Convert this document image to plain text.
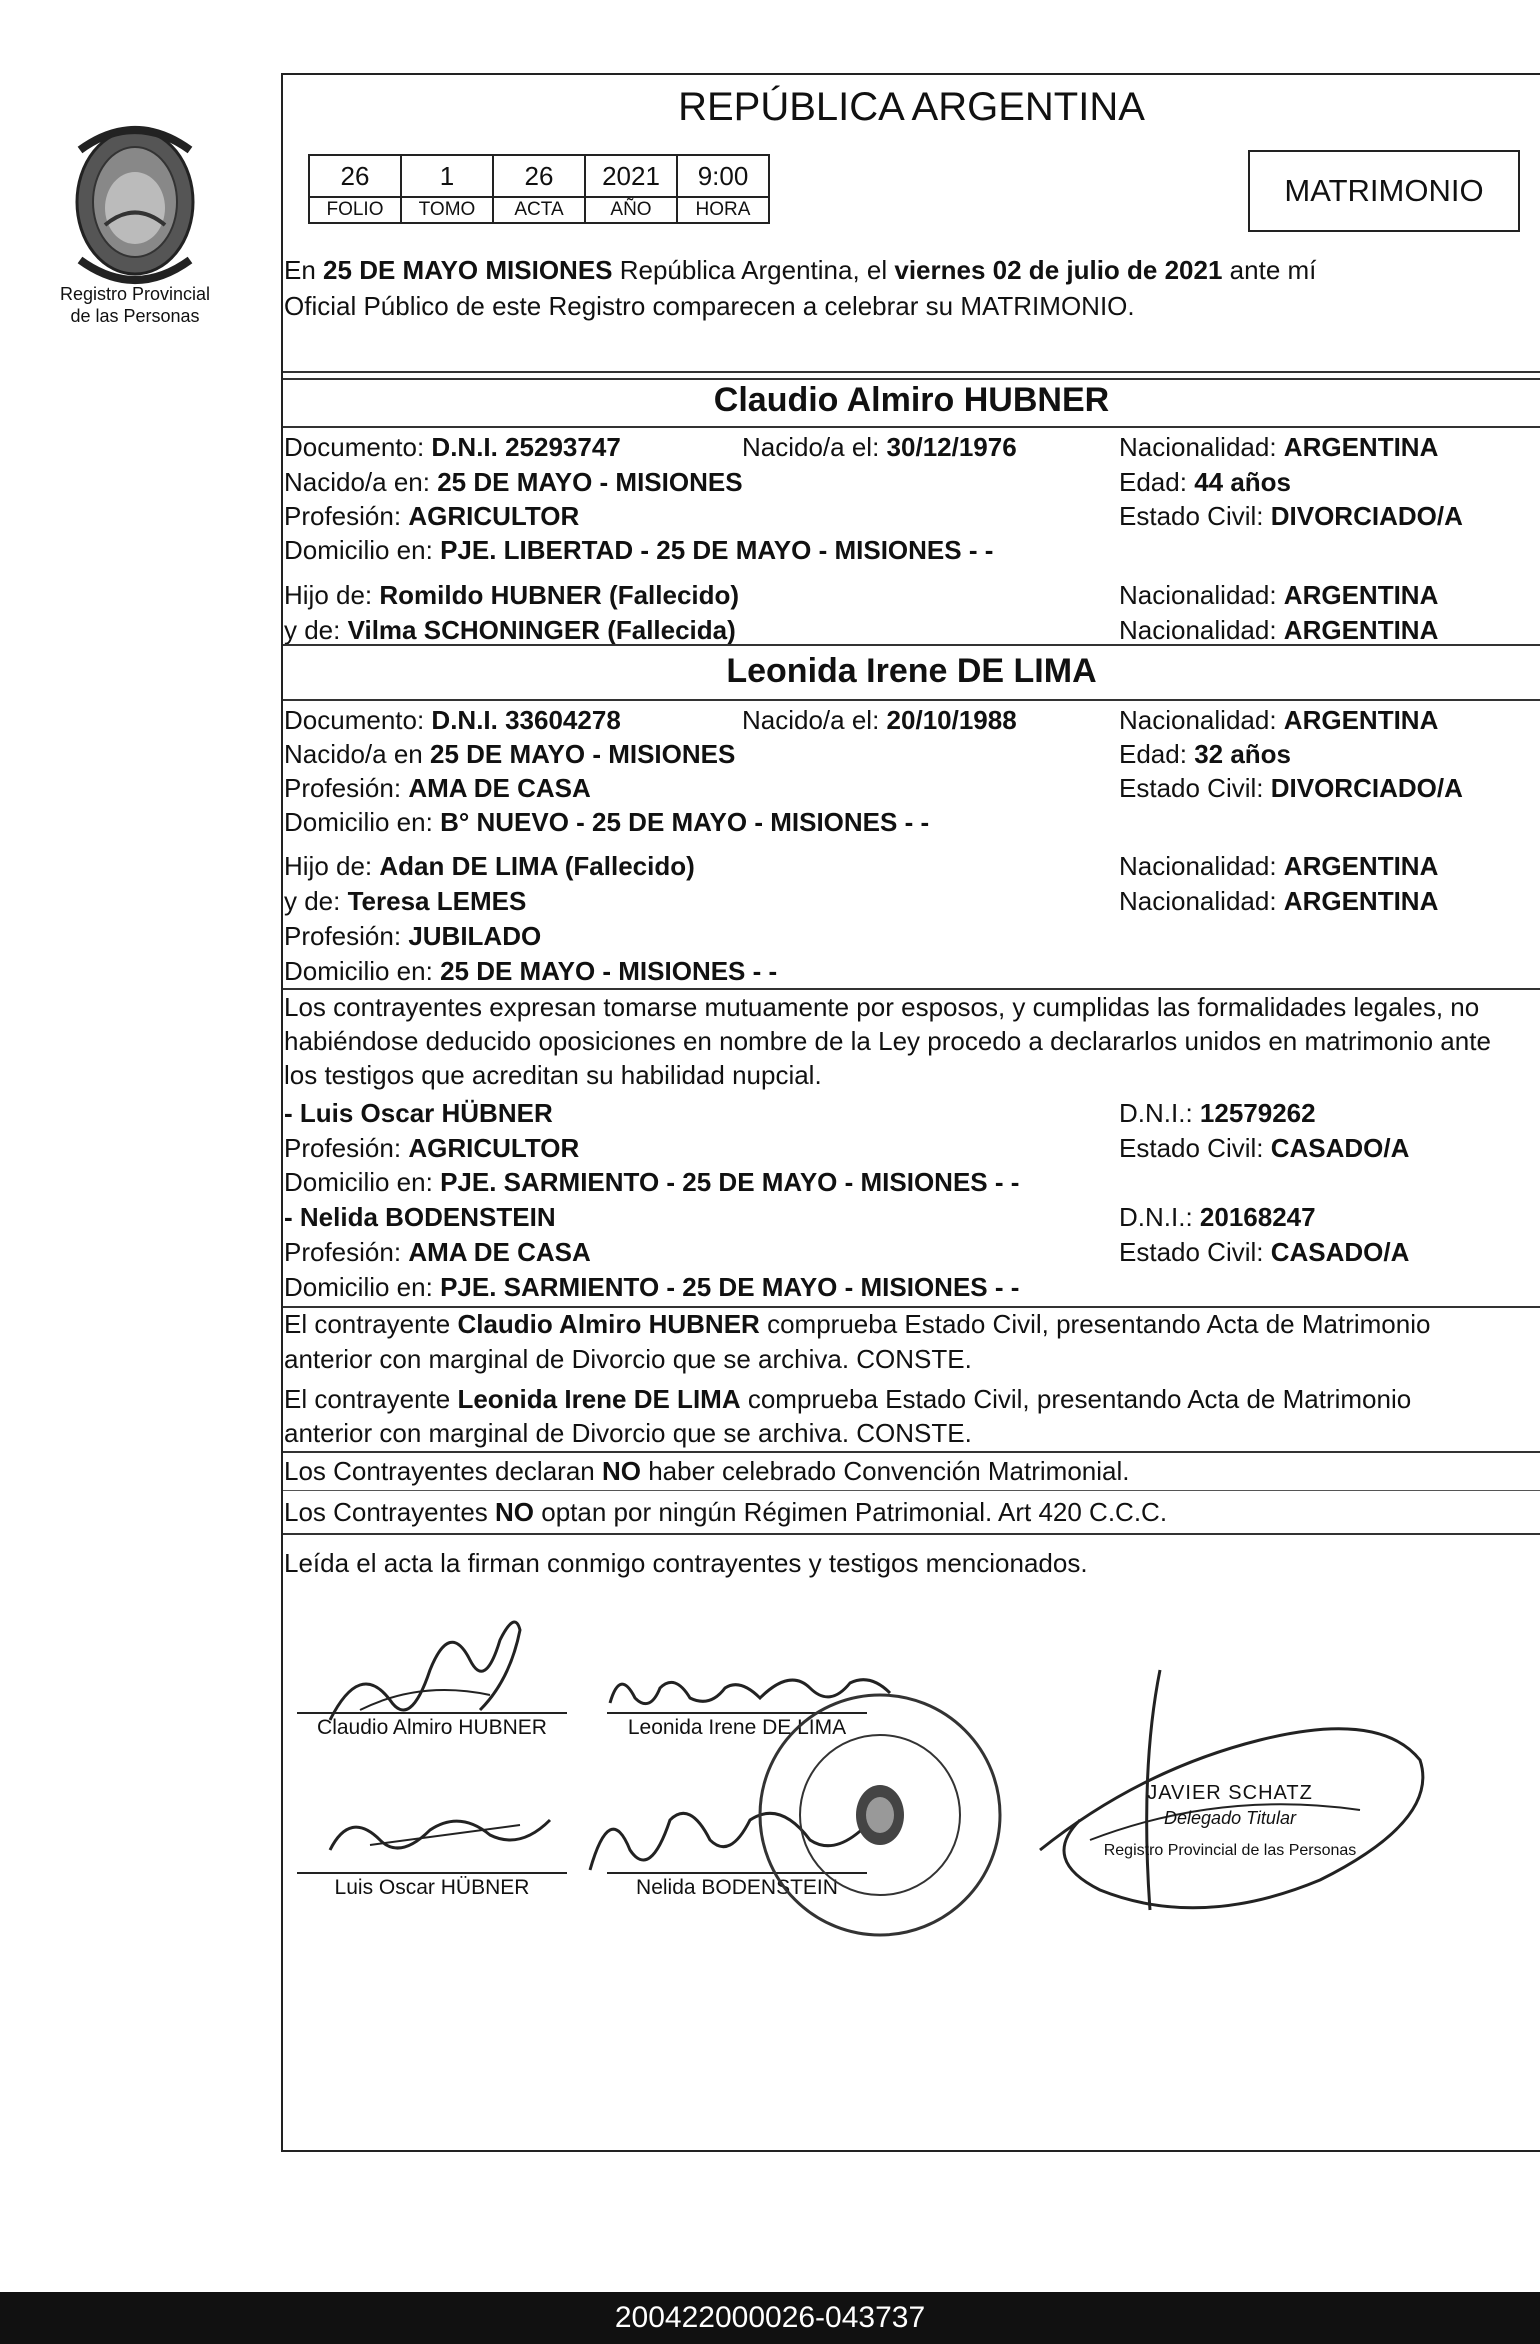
Registro Provincial
de las Personas
REPÚBLICA ARGENTINA
26	1	26	2021	9:00
FOLIO	TOMO	ACTA	AÑO	HORA
MATRIMONIO
En 25 DE MAYO MISIONES República Argentina, el viernes 02 de julio de 2021 ante mí
Oficial Público de este Registro comparecen a celebrar su MATRIMONIO.
Claudio Almiro HUBNER
Documento: D.N.I. 25293747	Nacido/a el: 30/12/1976	Nacionalidad: ARGENTINA
Nacido/a en: 25 DE MAYO - MISIONES	Edad: 44 años
Profesión: AGRICULTOR	Estado Civil: DIVORCIADO/A
Domicilio en: PJE. LIBERTAD - 25 DE MAYO - MISIONES - -
Hijo de: Romildo HUBNER (Fallecido)	Nacionalidad: ARGENTINA
y de: Vilma SCHONINGER (Fallecida)	Nacionalidad: ARGENTINA
Leonida Irene DE LIMA
Documento: D.N.I. 33604278	Nacido/a el: 20/10/1988	Nacionalidad: ARGENTINA
Nacido/a en 25 DE MAYO - MISIONES	Edad: 32 años
Profesión: AMA DE CASA	Estado Civil: DIVORCIADO/A
Domicilio en: B° NUEVO - 25 DE MAYO - MISIONES - -
Hijo de: Adan DE LIMA (Fallecido)	Nacionalidad: ARGENTINA
y de: Teresa LEMES	Nacionalidad: ARGENTINA
Profesión: JUBILADO
Domicilio en: 25 DE MAYO - MISIONES - -
Los contrayentes expresan tomarse mutuamente por esposos, y cumplidas las formalidades legales, no
habiéndose deducido oposiciones en nombre de la Ley procedo a declararlos unidos en matrimonio ante
los testigos que acreditan su habilidad nupcial.
- Luis Oscar HÜBNER	D.N.I.: 12579262
Profesión: AGRICULTOR	Estado Civil: CASADO/A
Domicilio en: PJE. SARMIENTO - 25 DE MAYO - MISIONES - -
- Nelida BODENSTEIN	D.N.I.: 20168247
Profesión: AMA DE CASA	Estado Civil: CASADO/A
Domicilio en: PJE. SARMIENTO - 25 DE MAYO - MISIONES - -
El contrayente Claudio Almiro HUBNER comprueba Estado Civil, presentando Acta de Matrimonio
anterior con marginal de Divorcio que se archiva. CONSTE.
El contrayente Leonida Irene DE LIMA comprueba Estado Civil, presentando Acta de Matrimonio
anterior con marginal de Divorcio que se archiva. CONSTE.
Los Contrayentes declaran NO haber celebrado Convención Matrimonial.
Los Contrayentes NO optan por ningún Régimen Patrimonial. Art 420 C.C.C.
Leída el acta la firman conmigo contrayentes y testigos mencionados.
Claudio Almiro HUBNER	Leonida Irene DE LIMA
Luis Oscar HÜBNER	Nelida BODENSTEIN
JAVIER SCHATZ
Delegado Titular
Registro Provincial de las Personas
200422000026-043737
